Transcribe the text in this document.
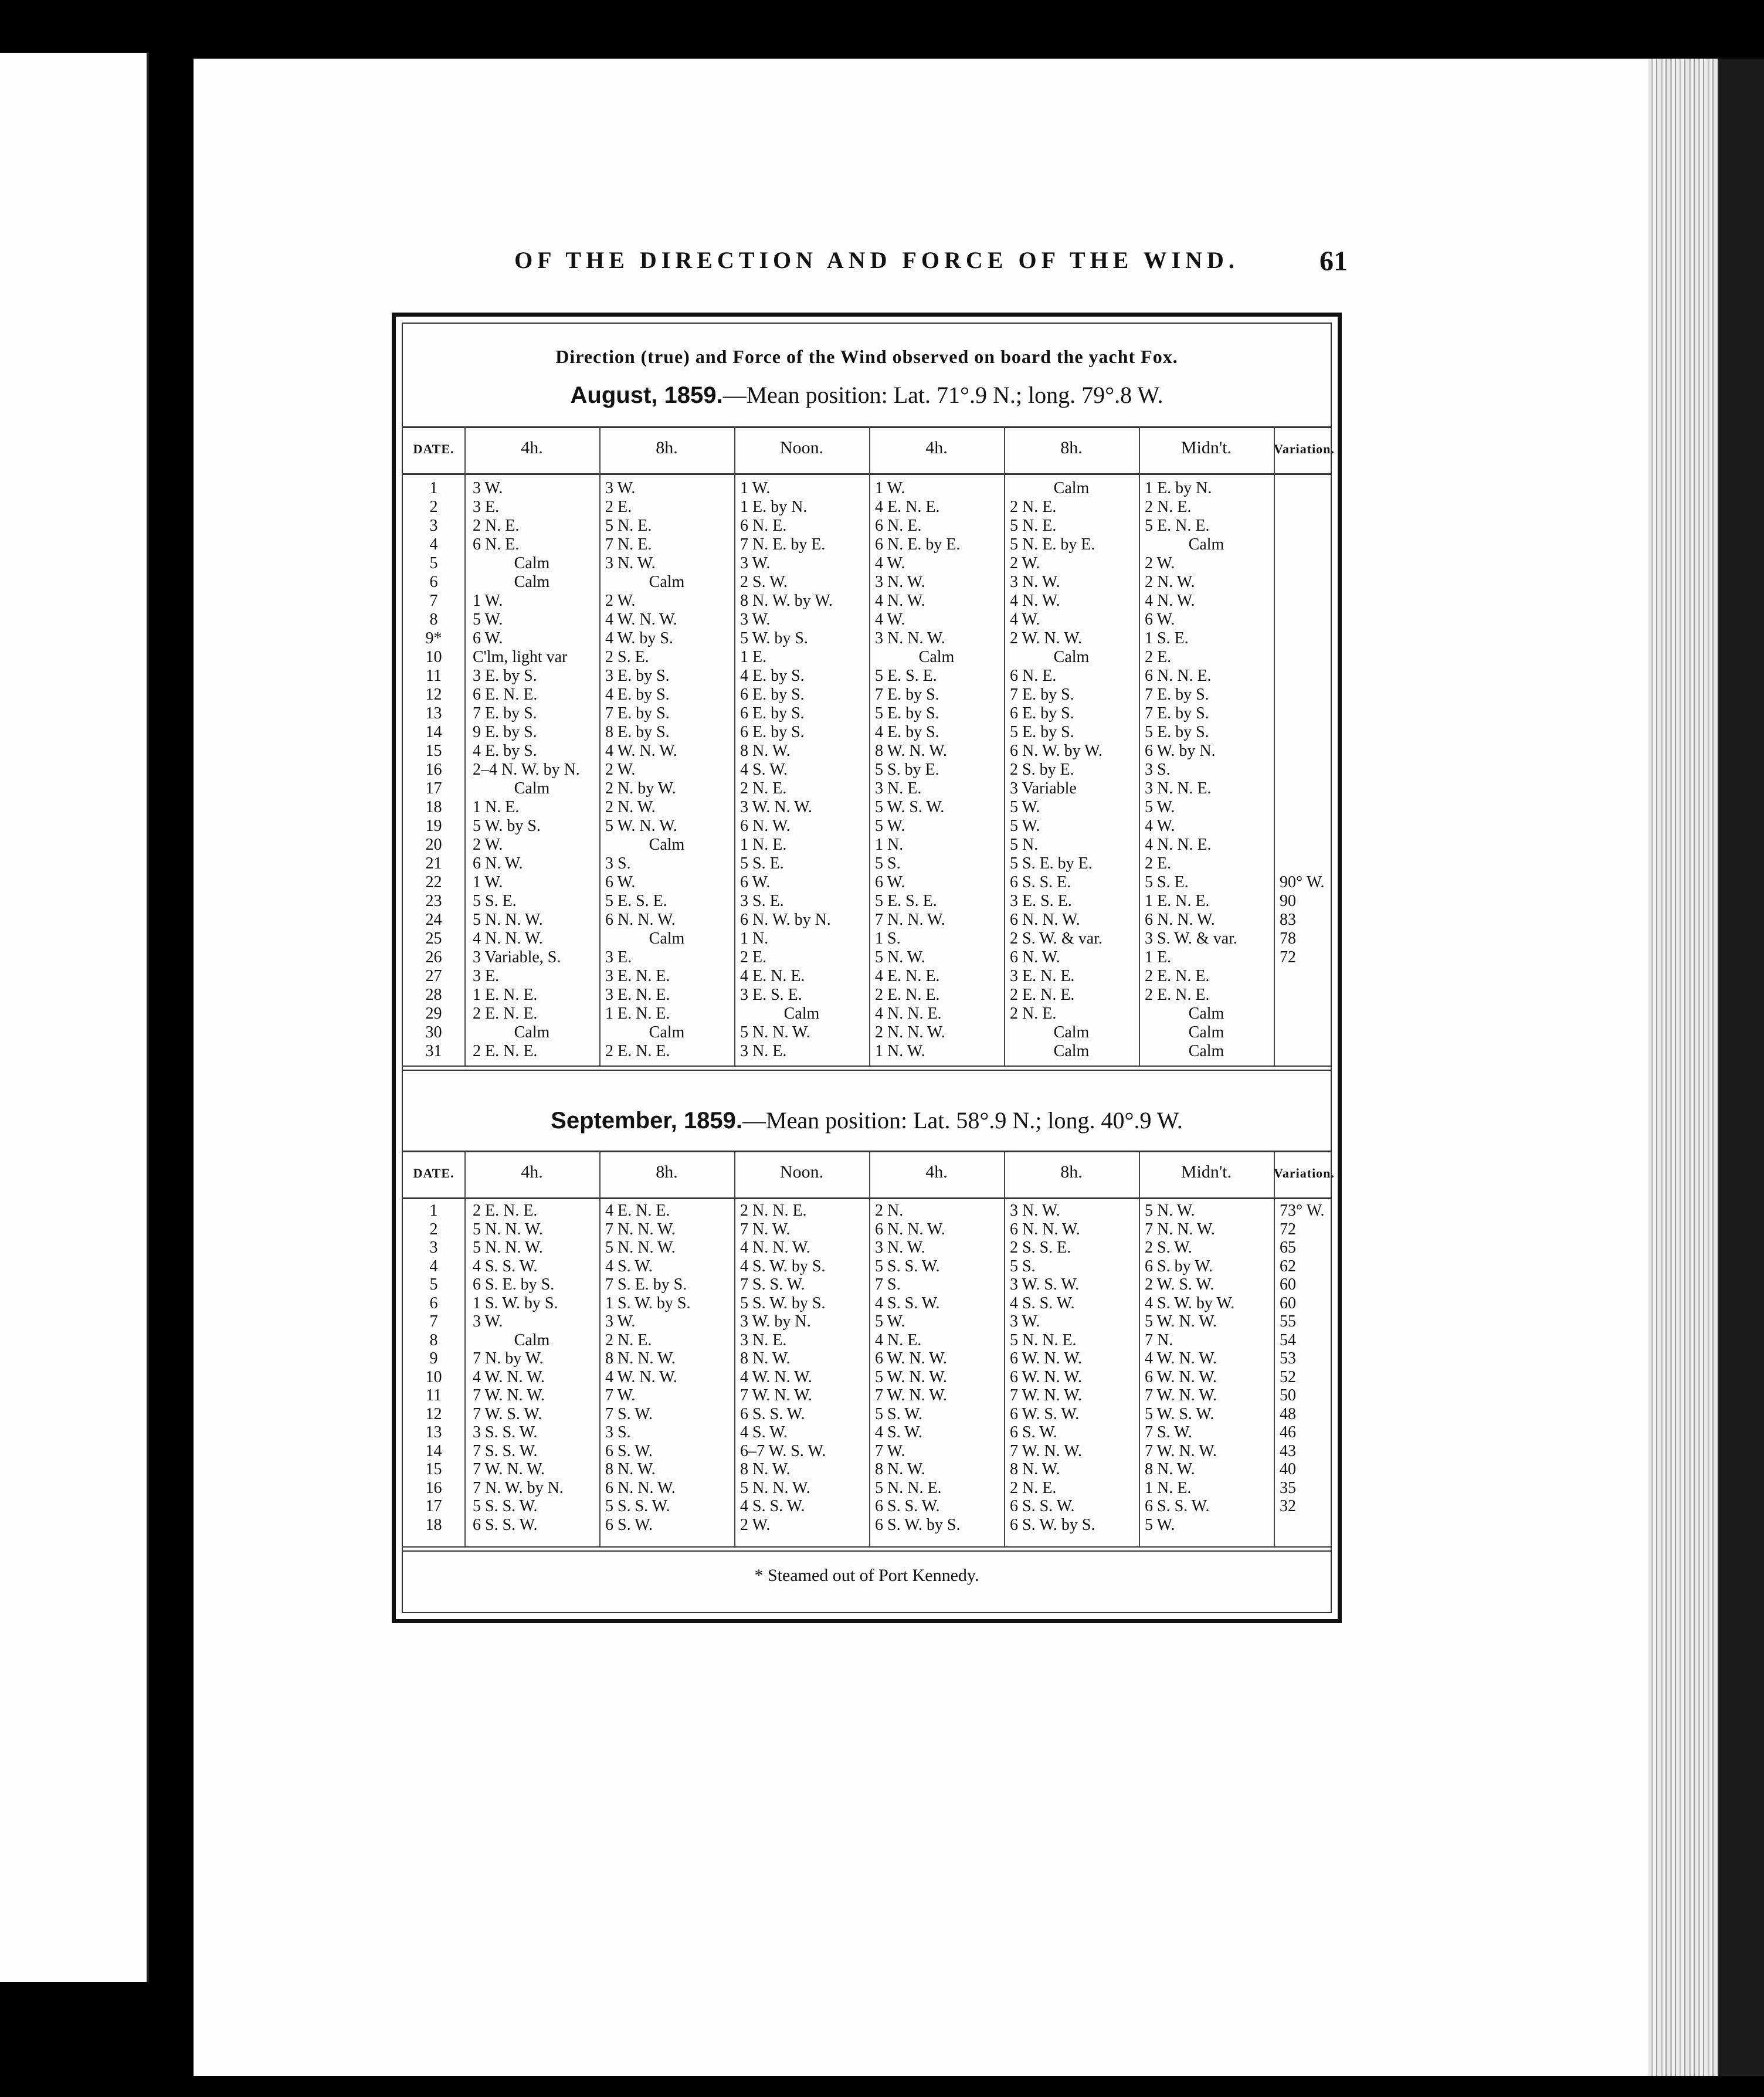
OF THE DIRECTION AND FORCE OF THE WIND.	61
Direction (true) and Force of the Wind observed on board the yacht Fox.
August, 1859.—Mean position: Lat. 71°.9 N.; long. 79°.8 W.
September, 1859.—Mean position: Lat. 58°.9 N.; long. 40°.9 W.
* Steamed out of Port Kennedy.
DATE.	4h.	8h.	Noon.	4h.	8h.	Midn't.	Variation.
1	3 W.	3 W.	1 W.	1 W.	Calm	1 E. by N.
2	3 E.	2 E.	1 E. by N.	4 E. N. E.	2 N. E.	2 N. E.
3	2 N. E.	5 N. E.	6 N. E.	6 N. E.	5 N. E.	5 E. N. E.
4	6 N. E.	7 N. E.	7 N. E. by E.	6 N. E. by E.	5 N. E. by E.	Calm
5	Calm	3 N. W.	3 W.	4 W.	2 W.	2 W.
6	Calm	Calm	2 S. W.	3 N. W.	3 N. W.	2 N. W.
7	1 W.	2 W.	8 N. W. by W.	4 N. W.	4 N. W.	4 N. W.
8	5 W.	4 W. N. W.	3 W.	4 W.	4 W.	6 W.
9*	6 W.	4 W. by S.	5 W. by S.	3 N. N. W.	2 W. N. W.	1 S. E.
10	C'lm, light var	2 S. E.	1 E.	Calm	Calm	2 E.
11	3 E. by S.	3 E. by S.	4 E. by S.	5 E. S. E.	6 N. E.	6 N. N. E.
12	6 E. N. E.	4 E. by S.	6 E. by S.	7 E. by S.	7 E. by S.	7 E. by S.
13	7 E. by S.	7 E. by S.	6 E. by S.	5 E. by S.	6 E. by S.	7 E. by S.
14	9 E. by S.	8 E. by S.	6 E. by S.	4 E. by S.	5 E. by S.	5 E. by S.
15	4 E. by S.	4 W. N. W.	8 N. W.	8 W. N. W.	6 N. W. by W.	6 W. by N.
16	2–4 N. W. by N.	2 W.	4 S. W.	5 S. by E.	2 S. by E.	3 S.
17	Calm	2 N. by W.	2 N. E.	3 N. E.	3 Variable	3 N. N. E.
18	1 N. E.	2 N. W.	3 W. N. W.	5 W. S. W.	5 W.	5 W.
19	5 W. by S.	5 W. N. W.	6 N. W.	5 W.	5 W.	4 W.
20	2 W.	Calm	1 N. E.	1 N.	5 N.	4 N. N. E.
21	6 N. W.	3 S.	5 S. E.	5 S.	5 S. E. by E.	2 E.
22	1 W.	6 W.	6 W.	6 W.	6 S. S. E.	5 S. E.	90° W.
23	5 S. E.	5 E. S. E.	3 S. E.	5 E. S. E.	3 E. S. E.	1 E. N. E.	90
24	5 N. N. W.	6 N. N. W.	6 N. W. by N.	7 N. N. W.	6 N. N. W.	6 N. N. W.	83
25	4 N. N. W.	Calm	1 N.	1 S.	2 S. W. & var.	3 S. W. & var.	78
26	3 Variable, S.	3 E.	2 E.	5 N. W.	6 N. W.	1 E.	72
27	3 E.	3 E. N. E.	4 E. N. E.	4 E. N. E.	3 E. N. E.	2 E. N. E.
28	1 E. N. E.	3 E. N. E.	3 E. S. E.	2 E. N. E.	2 E. N. E.	2 E. N. E.
29	2 E. N. E.	1 E. N. E.	Calm	4 N. N. E.	2 N. E.	Calm
30	Calm	Calm	5 N. N. W.	2 N. N. W.	Calm	Calm
31	2 E. N. E.	2 E. N. E.	3 N. E.	1 N. W.	Calm	Calm
DATE.	4h.	8h.	Noon.	4h.	8h.	Midn't.	Variation.
1	2 E. N. E.	4 E. N. E.	2 N. N. E.	2 N.	3 N. W.	5 N. W.	73° W.
2	5 N. N. W.	7 N. N. W.	7 N. W.	6 N. N. W.	6 N. N. W.	7 N. N. W.	72
3	5 N. N. W.	5 N. N. W.	4 N. N. W.	3 N. W.	2 S. S. E.	2 S. W.	65
4	4 S. S. W.	4 S. W.	4 S. W. by S.	5 S. S. W.	5 S.	6 S. by W.	62
5	6 S. E. by S.	7 S. E. by S.	7 S. S. W.	7 S.	3 W. S. W.	2 W. S. W.	60
6	1 S. W. by S.	1 S. W. by S.	5 S. W. by S.	4 S. S. W.	4 S. S. W.	4 S. W. by W.	60
7	3 W.	3 W.	3 W. by N.	5 W.	3 W.	5 W. N. W.	55
8	Calm	2 N. E.	3 N. E.	4 N. E.	5 N. N. E.	7 N.	54
9	7 N. by W.	8 N. N. W.	8 N. W.	6 W. N. W.	6 W. N. W.	4 W. N. W.	53
10	4 W. N. W.	4 W. N. W.	4 W. N. W.	5 W. N. W.	6 W. N. W.	6 W. N. W.	52
11	7 W. N. W.	7 W.	7 W. N. W.	7 W. N. W.	7 W. N. W.	7 W. N. W.	50
12	7 W. S. W.	7 S. W.	6 S. S. W.	5 S. W.	6 W. S. W.	5 W. S. W.	48
13	3 S. S. W.	3 S.	4 S. W.	4 S. W.	6 S. W.	7 S. W.	46
14	7 S. S. W.	6 S. W.	6–7 W. S. W.	7 W.	7 W. N. W.	7 W. N. W.	43
15	7 W. N. W.	8 N. W.	8 N. W.	8 N. W.	8 N. W.	8 N. W.	40
16	7 N. W. by N.	6 N. N. W.	5 N. N. W.	5 N. N. E.	2 N. E.	1 N. E.	35
17	5 S. S. W.	5 S. S. W.	4 S. S. W.	6 S. S. W.	6 S. S. W.	6 S. S. W.	32
18	6 S. S. W.	6 S. W.	2 W.	6 S. W. by S.	6 S. W. by S.	5 W.
